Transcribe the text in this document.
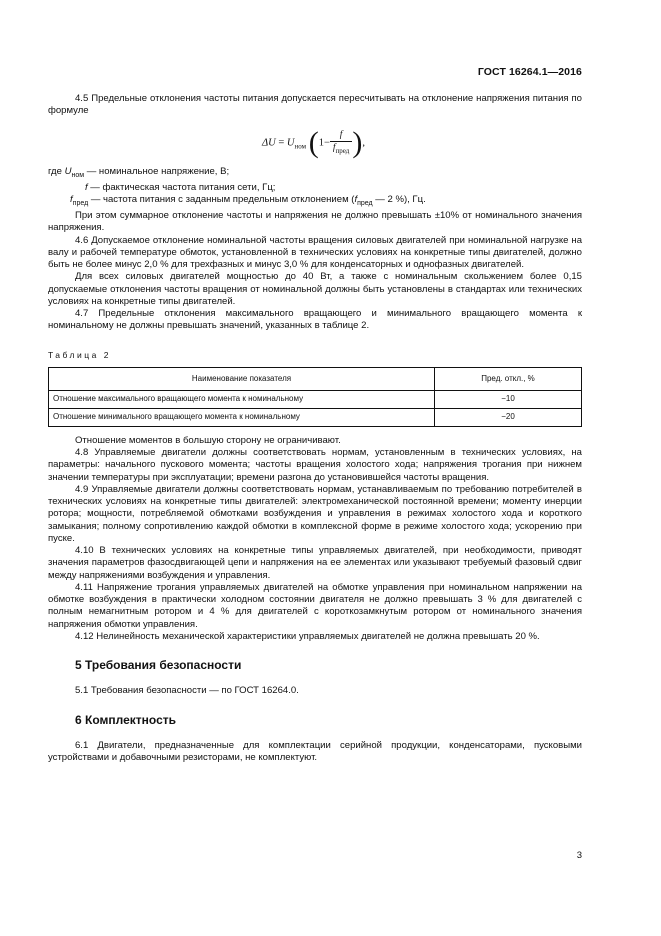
ГОСТ 16264.1—2016

4.5 Предельные отклонения частоты питания допускается пересчитывать на отклонение напряжения питания по формуле

$\Delta U = U_{ном}$ ($1- \frac{f}{f_{пред}}$ ),

где $U_{ном}$ — номинальное напряжение, В;

f — фактическая частота питания сети, Гц;

$f_{пред}$ — частота питания с заданным предельным отклонением ($f_{пред}$ — 2 %), Гц.

При этом суммарное отклонение частоты и напряжения не должно превышать ±10% от номинального значения напряжения.

4.6 Допускаемое отклонение номинальной частоты вращения силовых двигателей при номинальной нагрузке на валу и рабочей температуре обмоток, установленной в технических условиях на конкретные типы двигателей, должно быть не более минус 2,0 % для трехфазных и минус 3,0 % для конденсаторных и однофазных двигателей.

Для всех силовых двигателей мощностью до 40 Вт, а также с номинальным скольжением более 0,15 допускаемые отклонения частоты вращения от номинальной должны быть установлены в стандартах или технических условиях на конкретные типы двигателей.

4.7 Предельные отклонения максимального вращающего и минимального вращающего момента к номинальному не должны превышать значений, указанных в таблице 2.

Таблица 2
Наименование показателя	Пред. откл., %
Отношение максимального вращающего момента к номинальному	−10
Отношение минимального вращающего момента к номинальному	−20

Отношение моментов в большую сторону не ограничивают.

4.8 Управляемые двигатели должны соответствовать нормам, установленным в технических условиях, на параметры: начального пускового момента; частоты вращения холостого хода; напряжения трогания при нижнем значении температуры при эксплуатации; времени разгона до установившейся частоты вращения.

4.9 Управляемые двигатели должны соответствовать нормам, устанавливаемым по требованию потребителей в технических условиях на конкретные типы двигателей: электромеханической постоянной времени; моменту инерции ротора; мощности, потребляемой обмотками возбуждения и управления в режимах холостого хода и короткого замыкания; полному сопротивлению каждой обмотки в комплексной форме в режиме холостого хода; ускорению при пуске.

4.10 В технических условиях на конкретные типы управляемых двигателей, при необходимости, приводят значения параметров фазосдвигающей цепи и напряжения на ее элементах или указывают требуемый фазовый сдвиг между напряжениями возбуждения и управления.

4.11 Напряжение трогания управляемых двигателей на обмотке управления при номинальном напряжении на обмотке возбуждения в практически холодном состоянии двигателя не должно превышать 3 % для двигателей с полным немагнитным ротором и 4 % для двигателей с короткозамкнутым ротором от номинального значения напряжения обмотки управления.

4.12 Нелинейность механической характеристики управляемых двигателей не должна превышать 20 %.

5 Требования безопасности

5.1 Требования безопасности — по ГОСТ 16264.0.

6 Комплектность

6.1 Двигатели, предназначенные для комплектации серийной продукции, конденсаторами, пусковыми устройствами и добавочными резисторами, не комплектуют.

3
